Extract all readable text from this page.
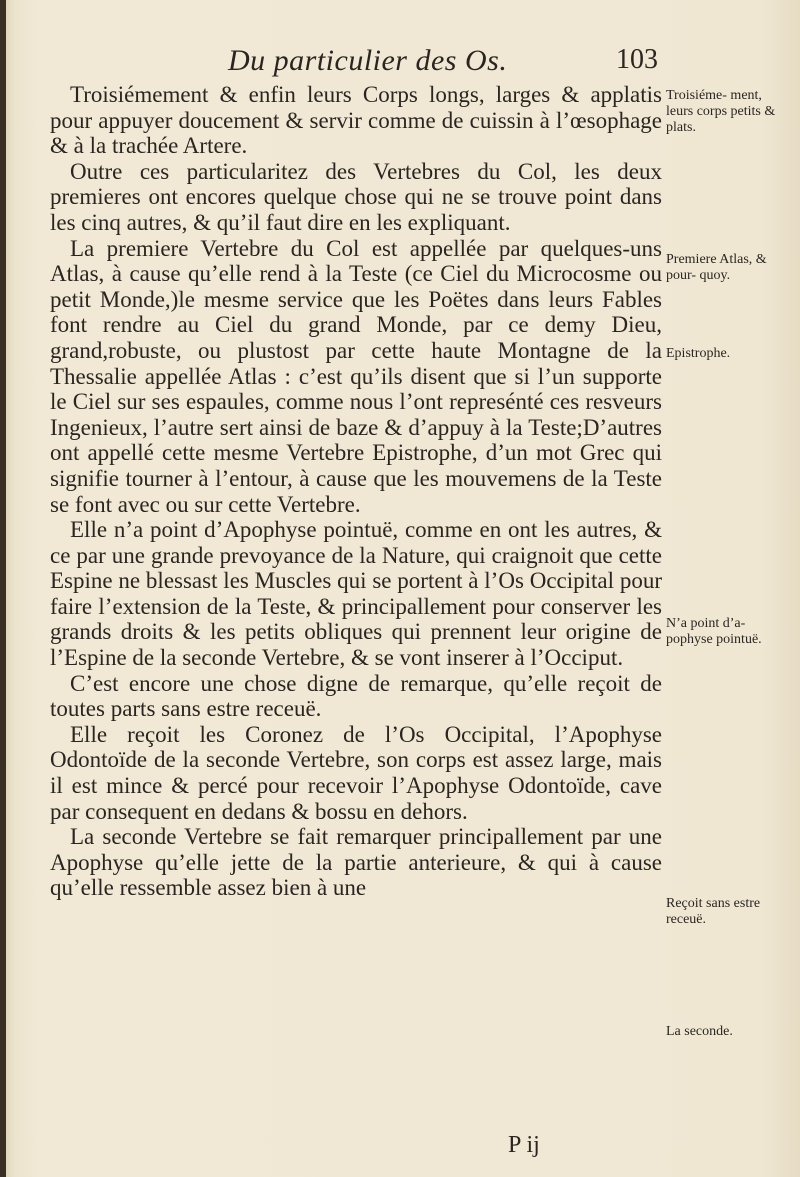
Du particulier des Os.	103

Troisiémement & enfin leurs Corps longs, larges & applatis pour appuyer doucement & servir comme de cuissin à l’œsophage & à la trachée Artere.

Outre ces particularitez des Vertebres du Col, les deux premieres ont encores quelque chose qui ne se trouve point dans les cinq autres, & qu’il faut dire en les expliquant.

La premiere Vertebre du Col est appellée par quelques-uns Atlas, à cause qu’elle rend à la Teste (ce Ciel du Microcosme ou petit Monde,)le mesme service que les Poëtes dans leurs Fables font rendre au Ciel du grand Monde, par ce demy Dieu, grand,robuste, ou plustost par cette haute Montagne de la Thessalie appellée Atlas : c’est qu’ils disent que si l’un supporte le Ciel sur ses espaules, comme nous l’ont represénté ces resveurs Ingenieux, l’autre sert ainsi de baze & d’appuy à la Teste;D’autres ont appellé cette mesme Vertebre Epistrophe, d’un mot Grec qui signifie tourner à l’entour, à cause que les mouvemens de la Teste se font avec ou sur cette Vertebre.

Elle n’a point d’Apophyse pointuë, comme en ont les autres, & ce par une grande prevoyance de la Nature, qui craignoit que cette Espine ne blessast les Muscles qui se portent à l’Os Occipital pour faire l’extension de la Teste, & principallement pour conserver les grands droits & les petits obliques qui prennent leur origine de l’Espine de la seconde Vertebre, & se vont inserer à l’Occiput.

C’est encore une chose digne de remarque, qu’elle reçoit de toutes parts sans estre receuë.

Elle reçoit les Coronez de l’Os Occipital, l’Apophyse Odontoïde de la seconde Vertebre, son corps est assez large, mais il est mince & percé pour recevoir l’Apophyse Odontoïde, cave par consequent en dedans & bossu en dehors.

La seconde Vertebre se fait remarquer principallement par une Apophyse qu’elle jette de la partie anterieure, & qui à cause qu’elle ressemble assez bien à une

Troisiéme- ment, leurs corps petits & plats.
Premiere Atlas, & pour- quoy.
Epistrophe.
N’a point d’a- pophyse pointuë.
Reçoit sans estre receuë.
La seconde.
P ij
